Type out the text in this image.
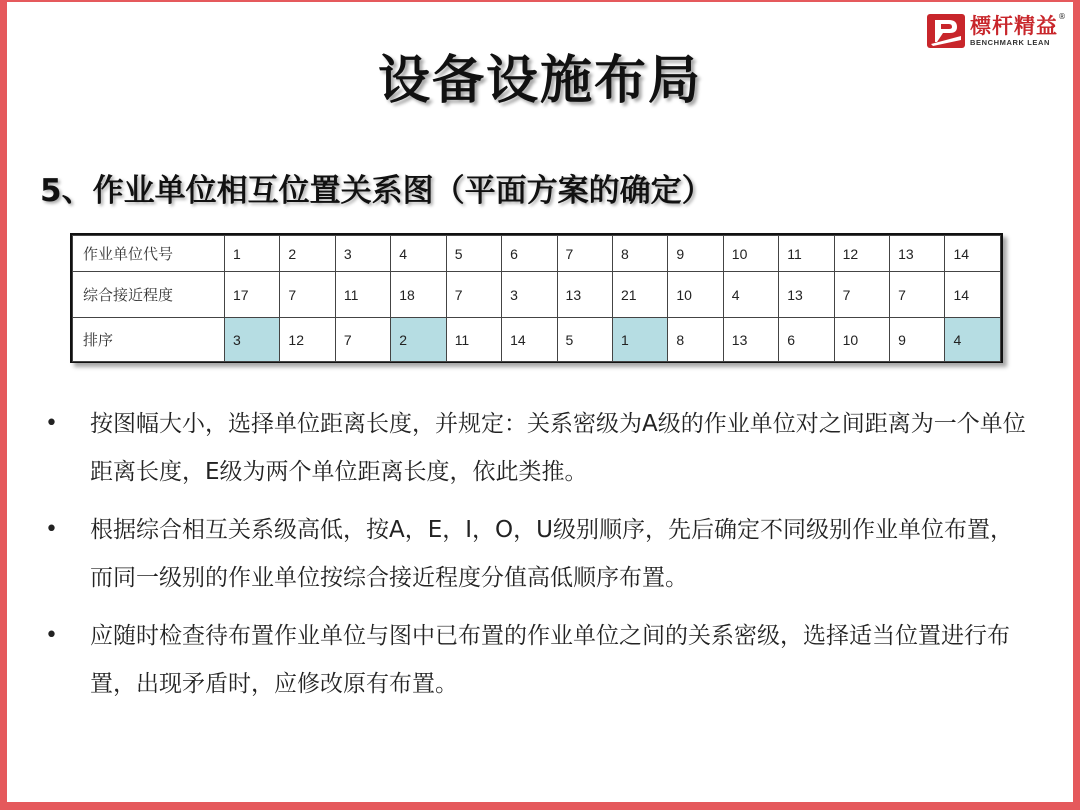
標杆精益 ®
BENCHMARK LEAN
设备设施布局
5、作业单位相互位置关系图（平面方案的确定）
作业单位代号	1	2	3	4	5	6	7	8	9	10	11	12	13	14
综合接近程度	17	7	11	18	7	3	13	21	10	4	13	7	7	14
排序	3	12	7	2	11	14	5	1	8	13	6	10	9	4
• 按图幅大小，选择单位距离长度，并规定：关系密级为A级的作业单位对之间距离为一个单位距离长度，E级为两个单位距离长度，依此类推。
• 根据综合相互关系级高低，按A，E，I，O，U级别顺序，先后确定不同级别作业单位布置，而同一级别的作业单位按综合接近程度分值高低顺序布置。
• 应随时检查待布置作业单位与图中已布置的作业单位之间的关系密级，选择适当位置进行布置，出现矛盾时，应修改原有布置。
